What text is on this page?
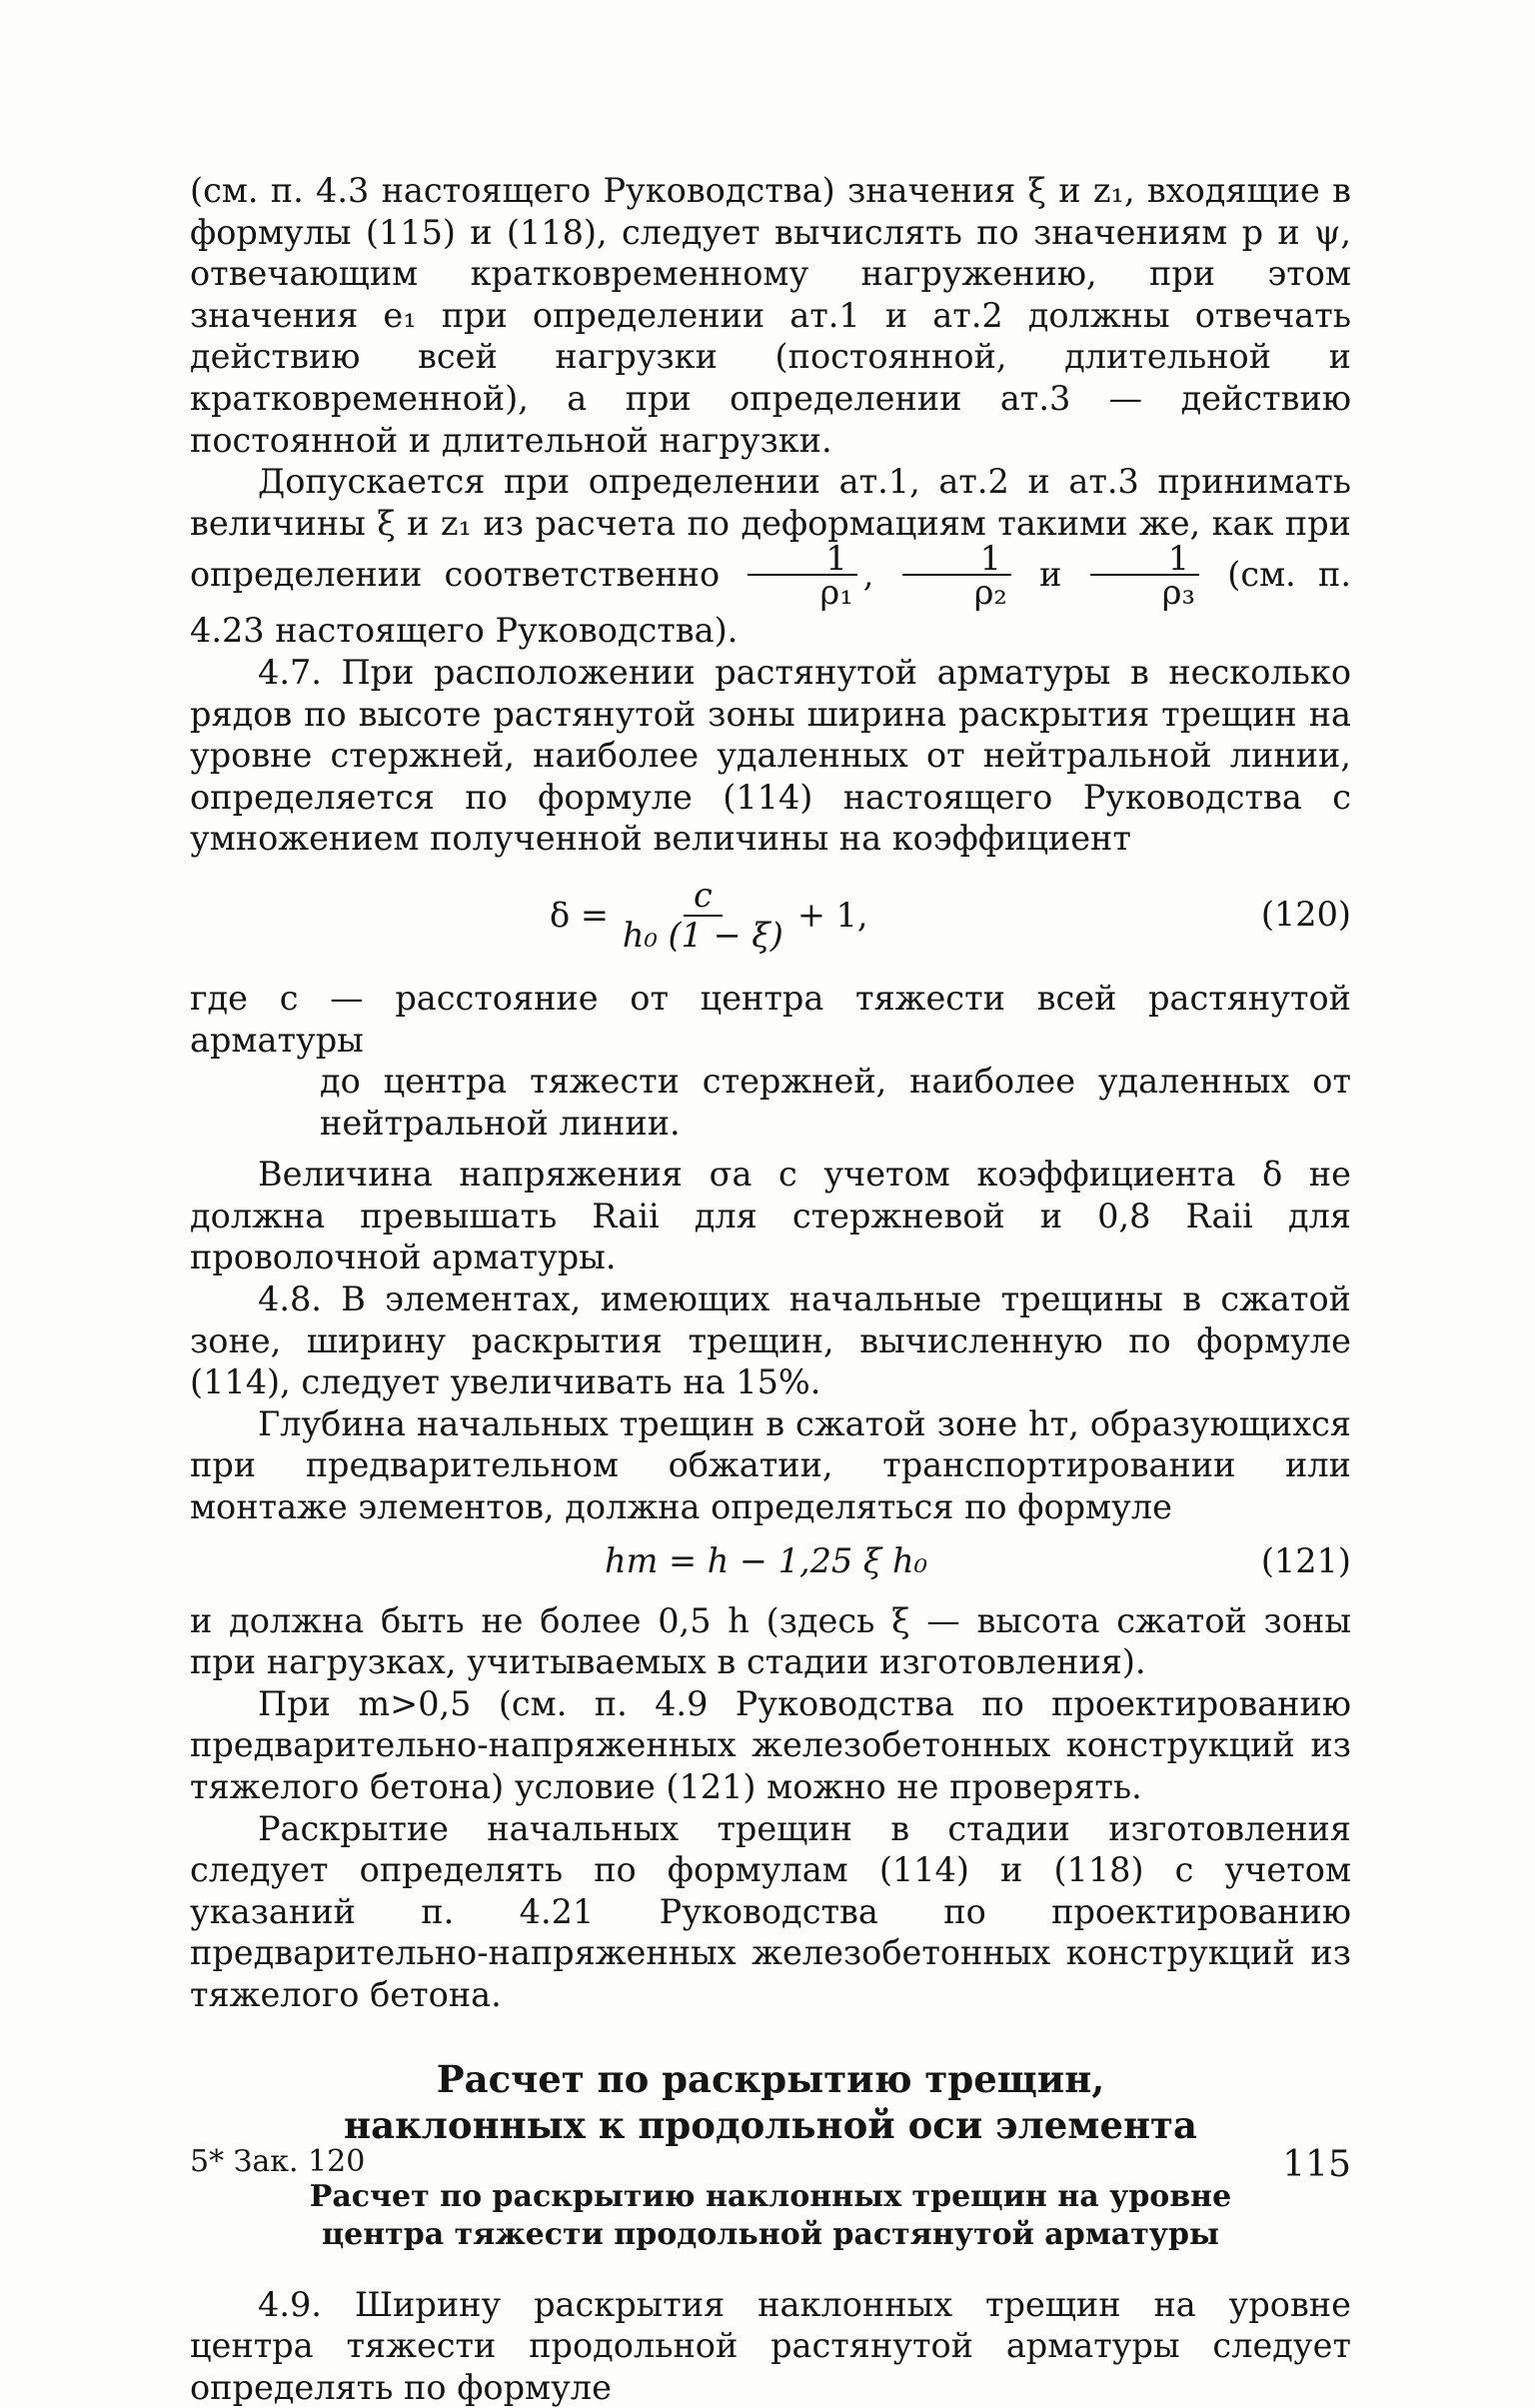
(см. п. 4.3 настоящего Руководства) значения ξ и z₁, входящие в формулы (115) и (118), следует вычислять по значениям p и ψ, отвечающим кратковременному нагружению, при этом значения e₁ при определении aт.1 и aт.2 должны отвечать действию всей нагрузки (постоянной, длительной и кратковременной), а при определении aт.3 — действию постоянной и длительной нагрузки.

Допускается при определении aт.1, aт.2 и aт.3 принимать величины ξ и z₁ из расчета по деформациям такими же, как при определении соответственно $\frac{1}{\text{ρ₁}}$ , $\frac{1}{\text{ρ₂}}$ и $\frac{1}{\text{ρ₃}} (см$. п. 4.23 настоящего Руководства).

4.7. При расположении растянутой арматуры в несколько рядов по высоте растянутой зоны ширина раскрытия трещин на уровне стержней, наиболее удаленных от нейтральной линии, определяется по формуле (114) настоящего Руководства с умножением полученной величины на коэффициент

$\delta = \frac{c}{\text{h₀ (1 − ξ)}} + 1$,	(120)

где c — расстояние от центра тяжести всей растянутой арматуры

до центра тяжести стержней, наиболее удаленных от нейтральной линии.

Величина напряжения σa с учетом коэффициента δ не должна превышать Raii для стержневой и 0,8 Raii для проволочной арматуры.

4.8. В элементах, имеющих начальные трещины в сжатой зоне, ширину раскрытия трещин, вычисленную по формуле (114), следует увеличивать на 15%.

Глубина начальных трещин в сжатой зоне hт, образующихся при предварительном обжатии, транспортировании или монтаже элементов, должна определяться по формуле

hт = h − 1,25 ξ h₀	(121)

и должна быть не более 0,5 h (здесь ξ — высота сжатой зоны при нагрузках, учитываемых в стадии изготовления).

При m>0,5 (см. п. 4.9 Руководства по проектированию предварительно-напряженных железобетонных конструкций из тяжелого бетона) условие (121) можно не проверять.

Раскрытие начальных трещин в стадии изготовления следует определять по формулам (114) и (118) с учетом указаний п. 4.21 Руководства по проектированию предварительно-напряженных железобетонных конструкций из тяжелого бетона.

Расчет по раскрытию трещин,
наклонных к продольной оси элемента
Расчет по раскрытию наклонных трещин на уровне
центра тяжести продольной растянутой арматуры

4.9. Ширину раскрытия наклонных трещин на уровне центра тяжести продольной растянутой арматуры следует определять по формуле

5* Зак. 120	115
